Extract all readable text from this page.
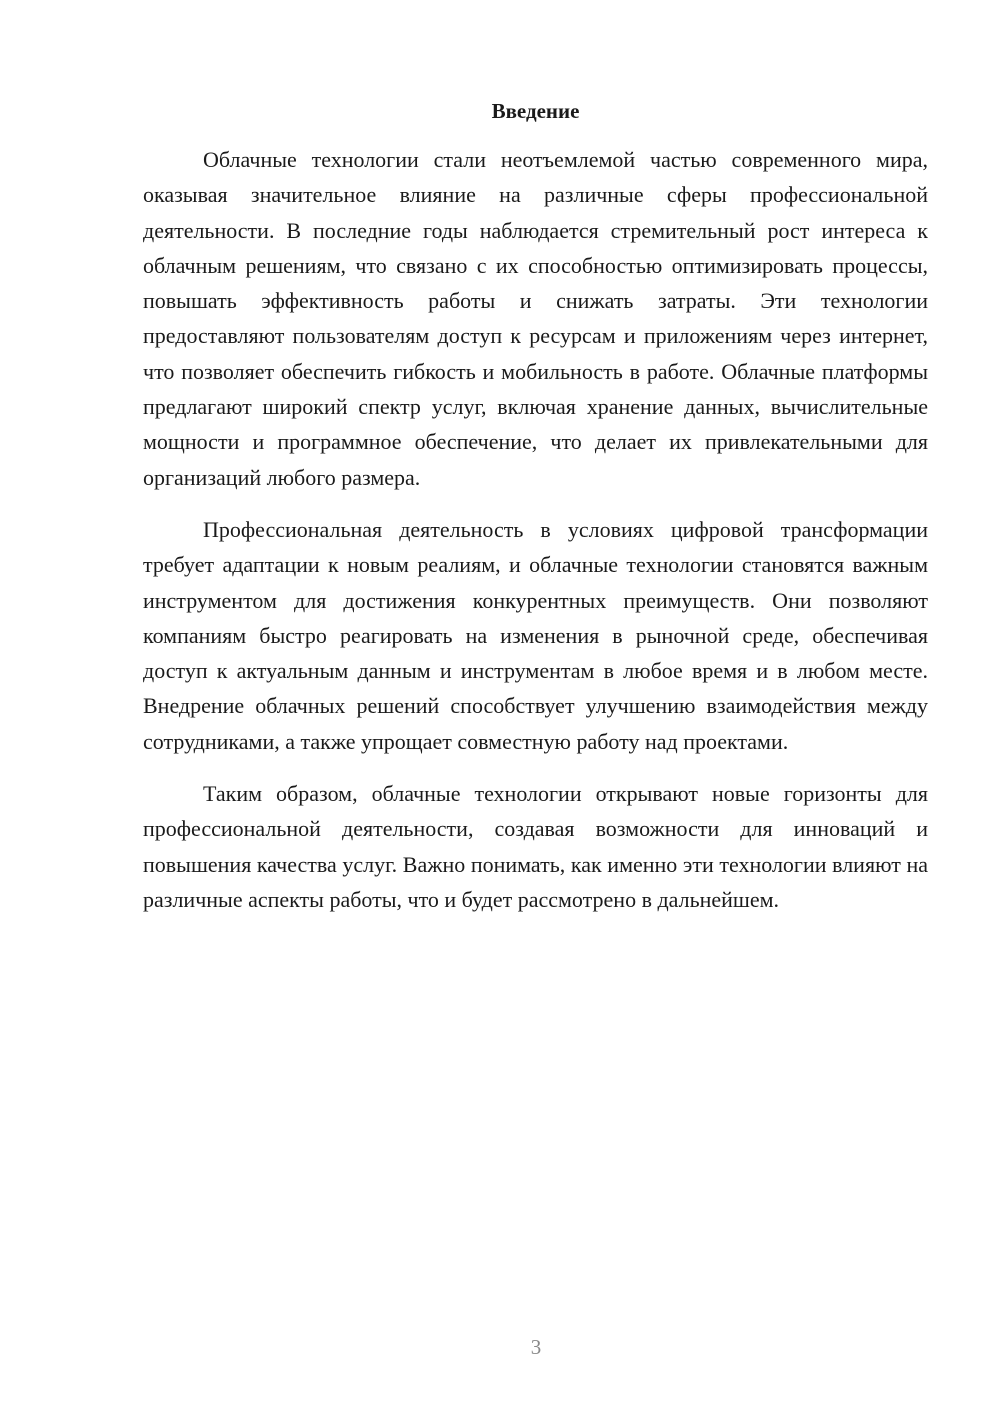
Введение

Облачные технологии стали неотъемлемой частью современного мира, оказывая значительное влияние на различные сферы профессиональной деятельности. В последние годы наблюдается стремительный рост интереса к облачным решениям, что связано с их способностью оптимизировать процессы, повышать эффективность работы и снижать затраты. Эти технологии предоставляют пользователям доступ к ресурсам и приложениям через интернет, что позволяет обеспечить гибкость и мобильность в работе. Облачные платформы предлагают широкий спектр услуг, включая хранение данных, вычислительные мощности и программное обеспечение, что делает их привлекательными для организаций любого размера.

Профессиональная деятельность в условиях цифровой трансформации требует адаптации к новым реалиям, и облачные технологии становятся важным инструментом для достижения конкурентных преимуществ. Они позволяют компаниям быстро реагировать на изменения в рыночной среде, обеспечивая доступ к актуальным данным и инструментам в любое время и в любом месте. Внедрение облачных решений способствует улучшению взаимодействия между сотрудниками, а также упрощает совместную работу над проектами.

Таким образом, облачные технологии открывают новые горизонты для профессиональной деятельности, создавая возможности для инноваций и повышения качества услуг. Важно понимать, как именно эти технологии влияют на различные аспекты работы, что и будет рассмотрено в дальнейшем.

3
